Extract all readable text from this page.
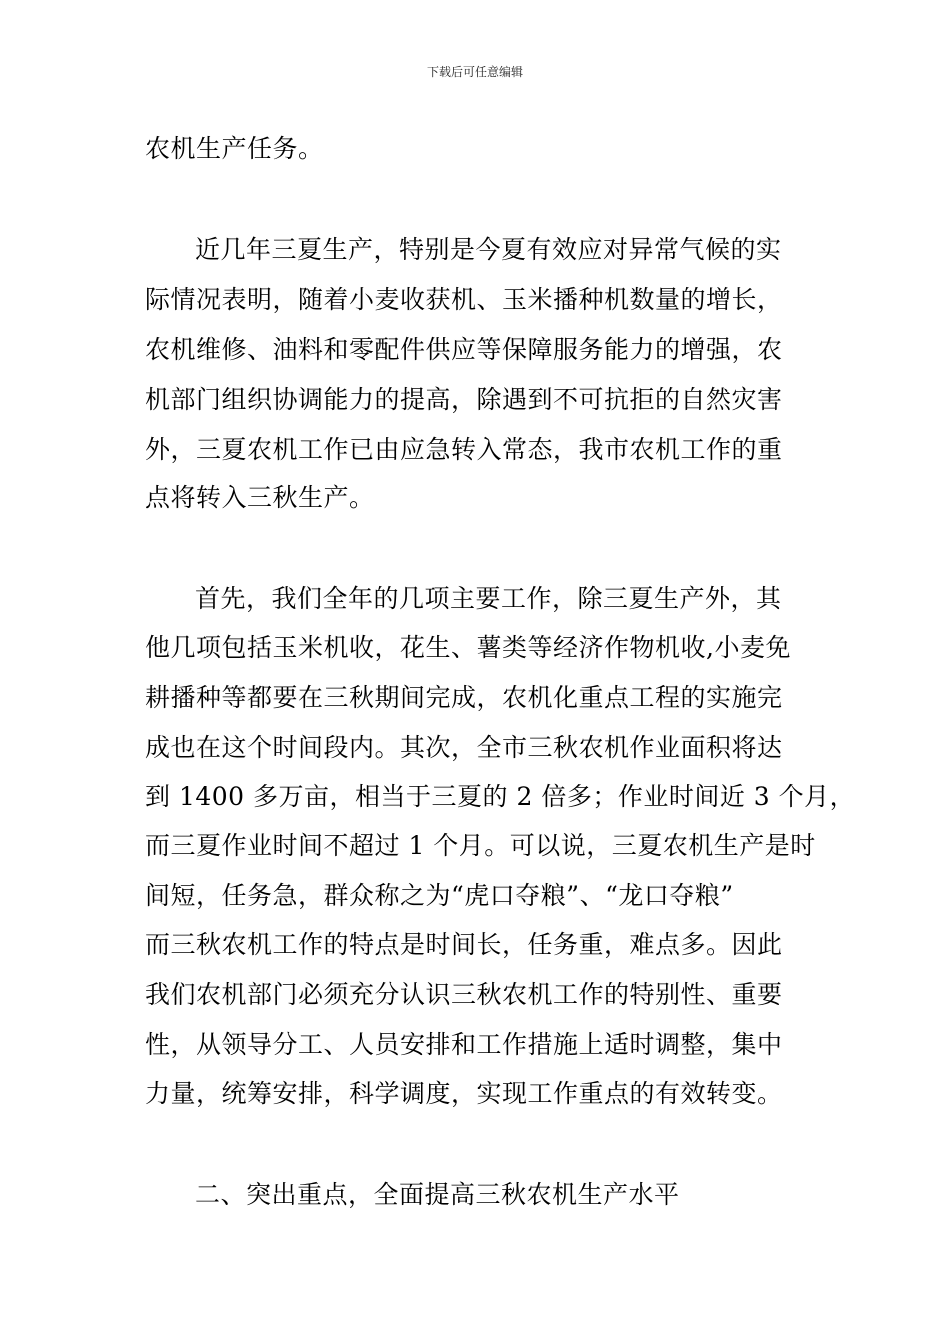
下载后可任意编辑
农机生产任务。
近几年三夏生产，特别是今夏有效应对异常气候的实
际情况表明，随着小麦收获机、玉米播种机数量的增长，
农机维修、油料和零配件供应等保障服务能力的增强，农
机部门组织协调能力的提高，除遇到不可抗拒的自然灾害
外，三夏农机工作已由应急转入常态，我市农机工作的重
点将转入三秋生产。
首先，我们全年的几项主要工作，除三夏生产外，其
他几项包括玉米机收，花生、薯类等经济作物机收,小麦免
耕播种等都要在三秋期间完成，农机化重点工程的实施完
成也在这个时间段内。其次，全市三秋农机作业面积将达
到 1400 多万亩，相当于三夏的 2 倍多；作业时间近 3 个月，
而三夏作业时间不超过 1 个月。可以说，三夏农机生产是时
间短，任务急，群众称之为“虎口夺粮”、“龙口夺粮”
而三秋农机工作的特点是时间长，任务重，难点多。因此
我们农机部门必须充分认识三秋农机工作的特别性、重要
性，从领导分工、人员安排和工作措施上适时调整，集中
力量，统筹安排，科学调度，实现工作重点的有效转变。
二、突出重点，全面提高三秋农机生产水平
